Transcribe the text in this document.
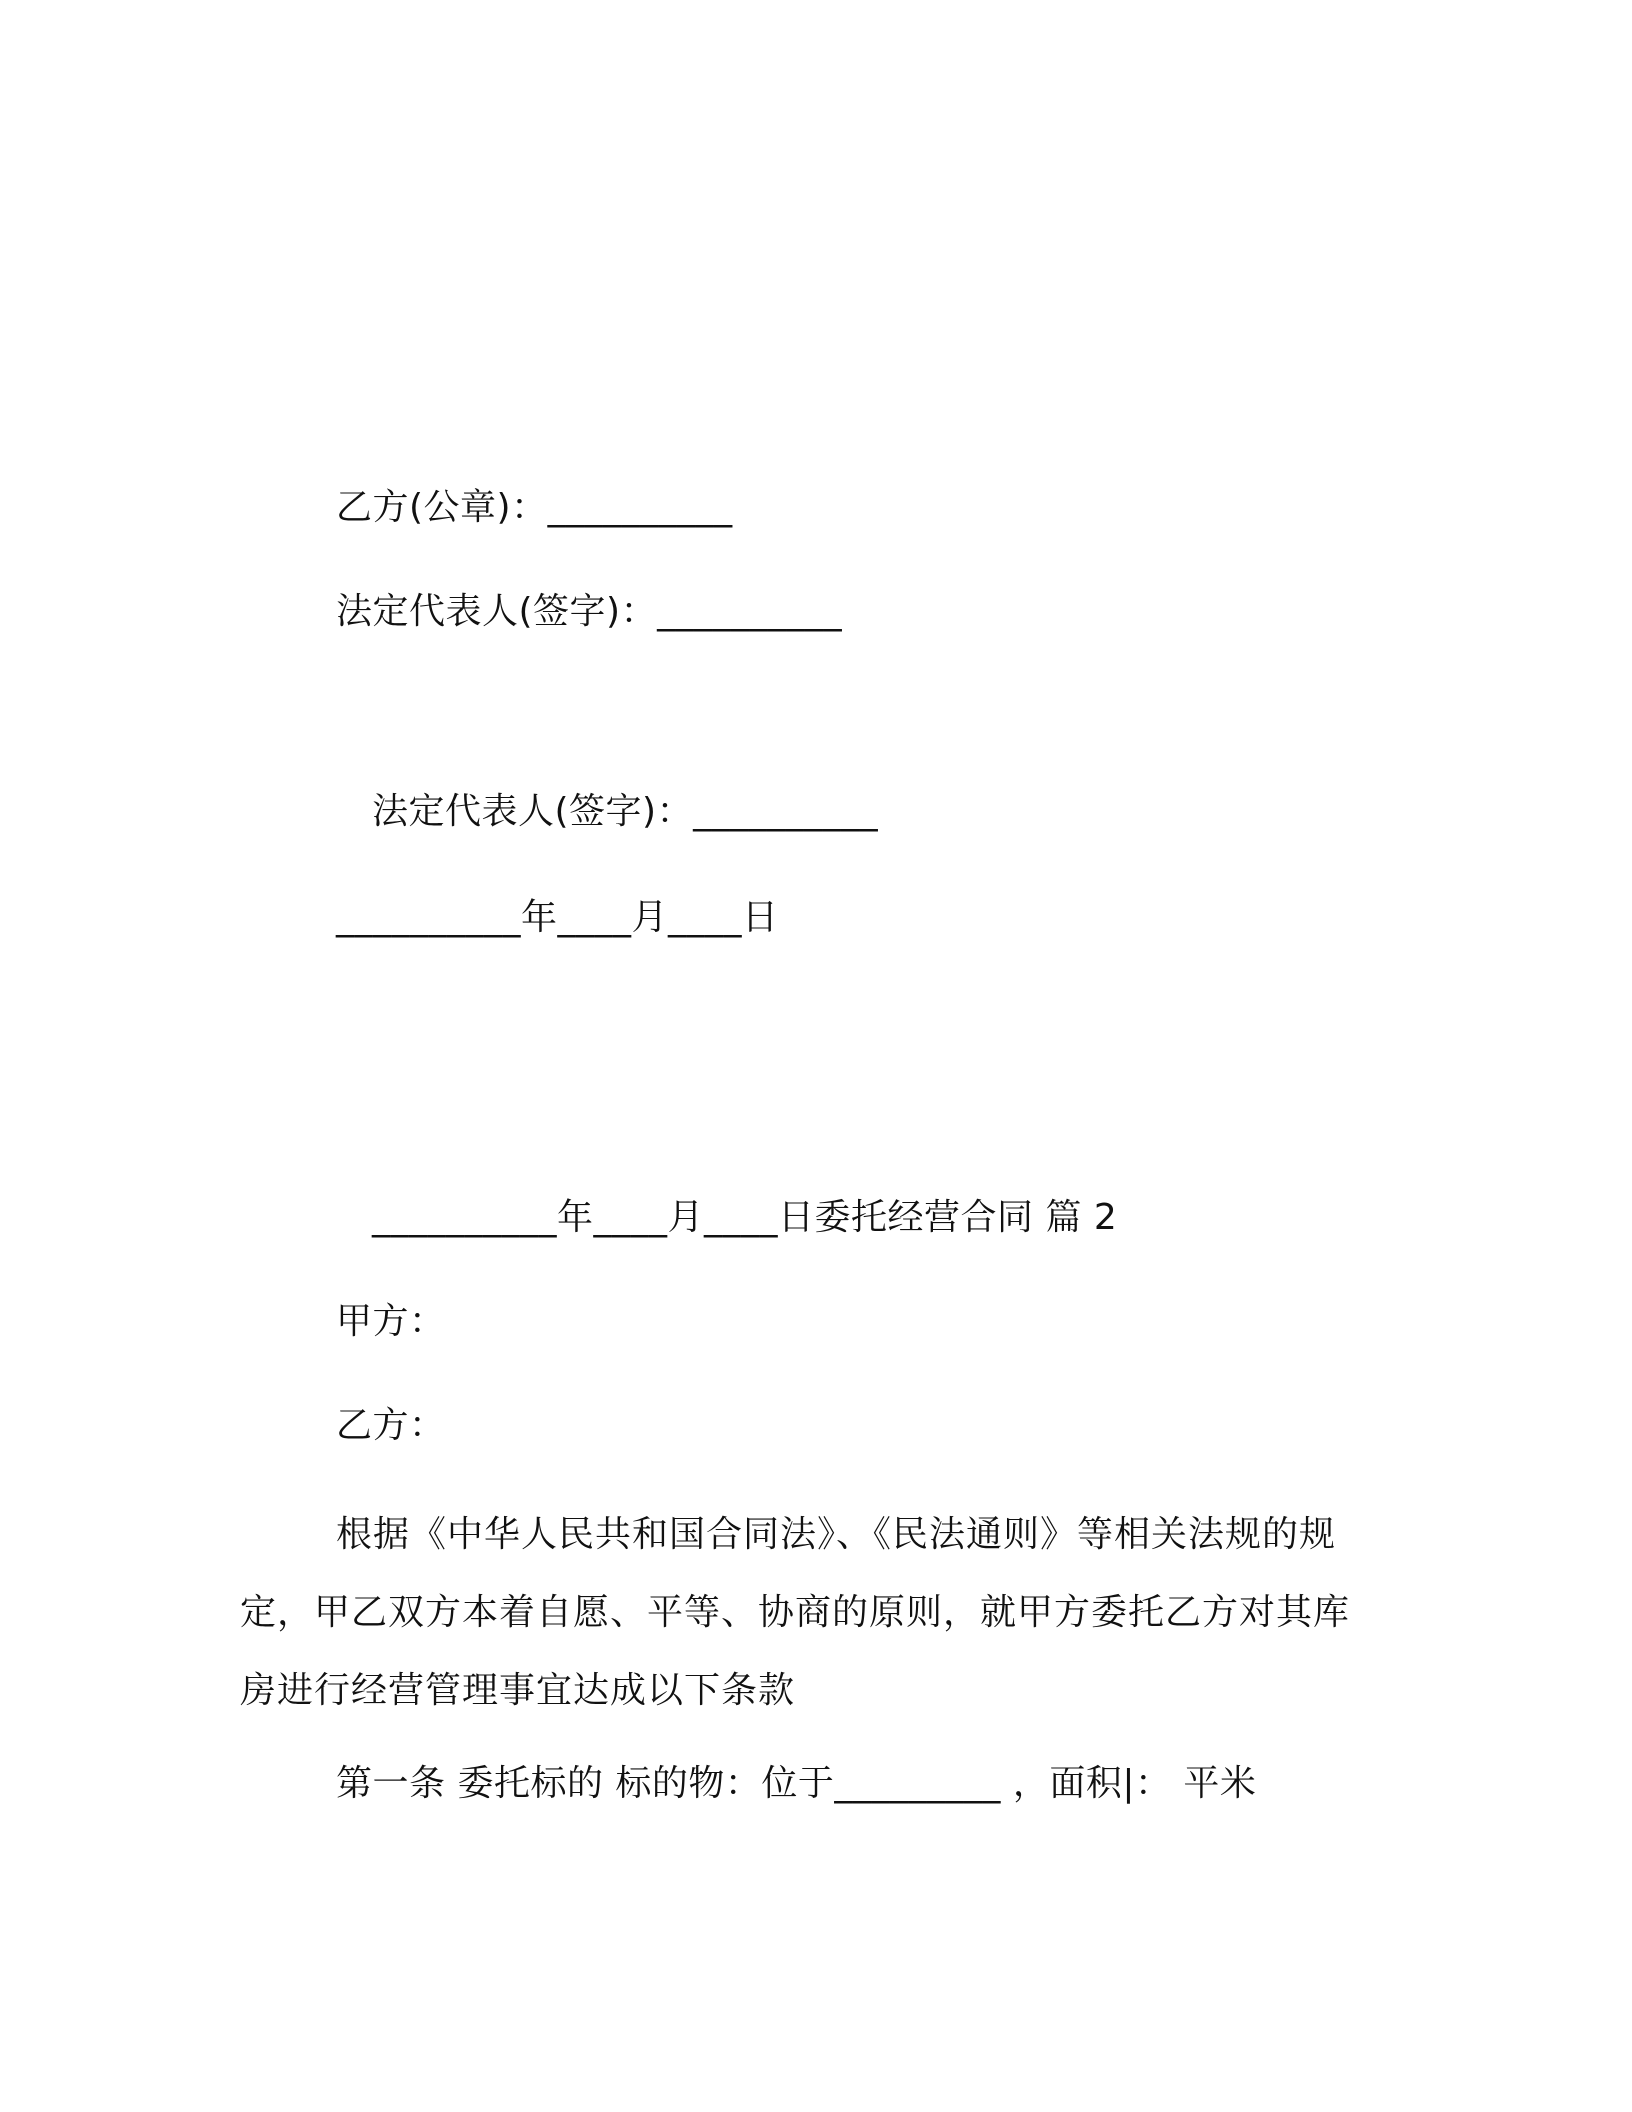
乙方(公章)：__________
法定代表人(签字)：__________
法定代表人(签字)：__________
__________年____月____日
__________年____月____日委托经营合同 篇 2
甲方：
乙方：
根据《中华人民共和国合同法》、《民法通则》等相关法规的规定，甲乙双方本着自愿、平等、协商的原则，就甲方委托乙方对其库房进行经营管理事宜达成以下条款
第一条 委托标的 标的物：位于_________ ，面积|： 平米
